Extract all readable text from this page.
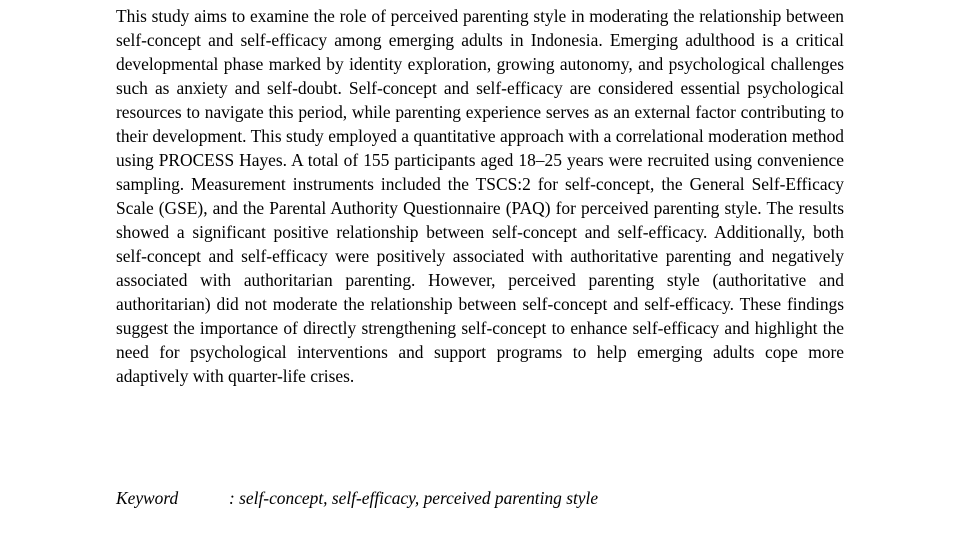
This study aims to examine the role of perceived parenting style in moderating the relationship between self-concept and self-efficacy among emerging adults in Indonesia. Emerging adulthood is a critical developmental phase marked by identity exploration, growing autonomy, and psychological challenges such as anxiety and self-doubt. Self-concept and self-efficacy are considered essential psychological resources to navigate this period, while parenting experience serves as an external factor contributing to their development. This study employed a quantitative approach with a correlational moderation method using PROCESS Hayes. A total of 155 participants aged 18–25 years were recruited using convenience sampling. Measurement instruments included the TSCS:2 for self-concept, the General Self-Efficacy Scale (GSE), and the Parental Authority Questionnaire (PAQ) for perceived parenting style. The results showed a significant positive relationship between self-concept and self-efficacy. Additionally, both self-concept and self-efficacy were positively associated with authoritative parenting and negatively associated with authoritarian parenting. However, perceived parenting style (authoritative and authoritarian) did not moderate the relationship between self-concept and self-efficacy. These findings suggest the importance of directly strengthening self-concept to enhance self-efficacy and highlight the need for psychological interventions and support programs to help emerging adults cope more adaptively with quarter-life crises.

Keyword	: self-concept, self-efficacy, perceived parenting style
